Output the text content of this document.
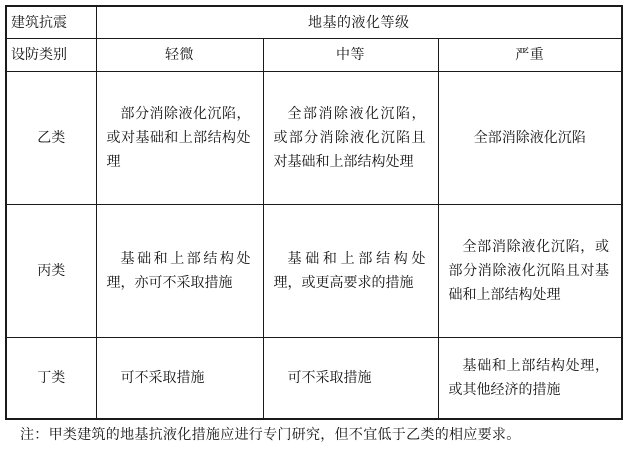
建筑抗震	地基的液化等级		
设防类别	轻微	中等	严重
乙类	部分消除液化沉陷，或对基础和上部结构处理	全部消除液化沉陷，或部分消除液化沉陷且对基础和上部结构处理	全部消除液化沉陷
丙类	基础和上部结构处理，亦可不采取措施	基础和上部结构处理，或更高要求的措施	全部消除液化沉陷，或部分消除液化沉陷且对基础和上部结构处理

丁类	可不采取措施	可不采取措施	基础和上部结构处理，或其他经济的措施
注：甲类建筑的地基抗液化措施应进行专门研究，但不宜低于乙类的相应要求。
